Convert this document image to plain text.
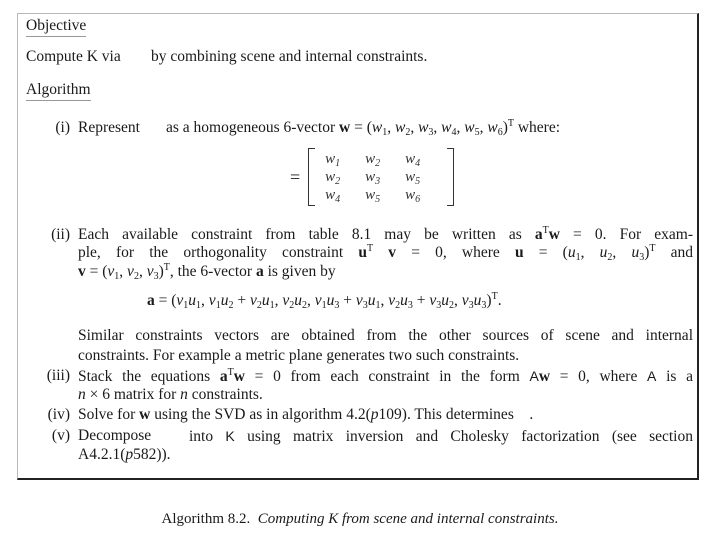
Objective
Compute K via by combining scene and internal constraints.
Algorithm
(i) Represent as a homogeneous 6-vector $w = (w_1$, $w_2$, $w_3$, $w_4$, $w_5$, $w_6)^T$ where:
=
$w_1$	$w_2$	$w_4$
$w_2$	$w_3$	$w_5$
$w_4$	$w_5$	$w_6$
(ii) Each available constraint from table 8.1 may be written as $a^Tw = 0$. For exam-
ple, for the orthogonality constraint $u^T$ v = 0, where $u = (u_1$, $u_2$, $u_3)^T$ and
$v = (v_1$, $v_2$, $v_3)^T$, the 6-vector a is given by
$a = (v_1u_1$, $v_1u_2 + v_2u_1$, $v_2u_2$, $v_1u_3 + v_3u_1$, $v_2u_3 + v_3u_2$, $v_3u_3)^T$.
Similar constraints vectors are obtained from the other sources of scene and internal
constraints. For example a metric plane generates two such constraints.
(iii) Stack the equations $a^Tw = 0$ from each constraint in the form Aw = 0, where A is a
n × 6 matrix for n constraints.
(iv) Solve for w using the SVD as in algorithm 4.2(p109). This determines    .
(v) Decompose into K using matrix inversion and Cholesky factorization (see section
A4.2.1(p582)).
Algorithm 8.2. Computing K from scene and internal constraints.
